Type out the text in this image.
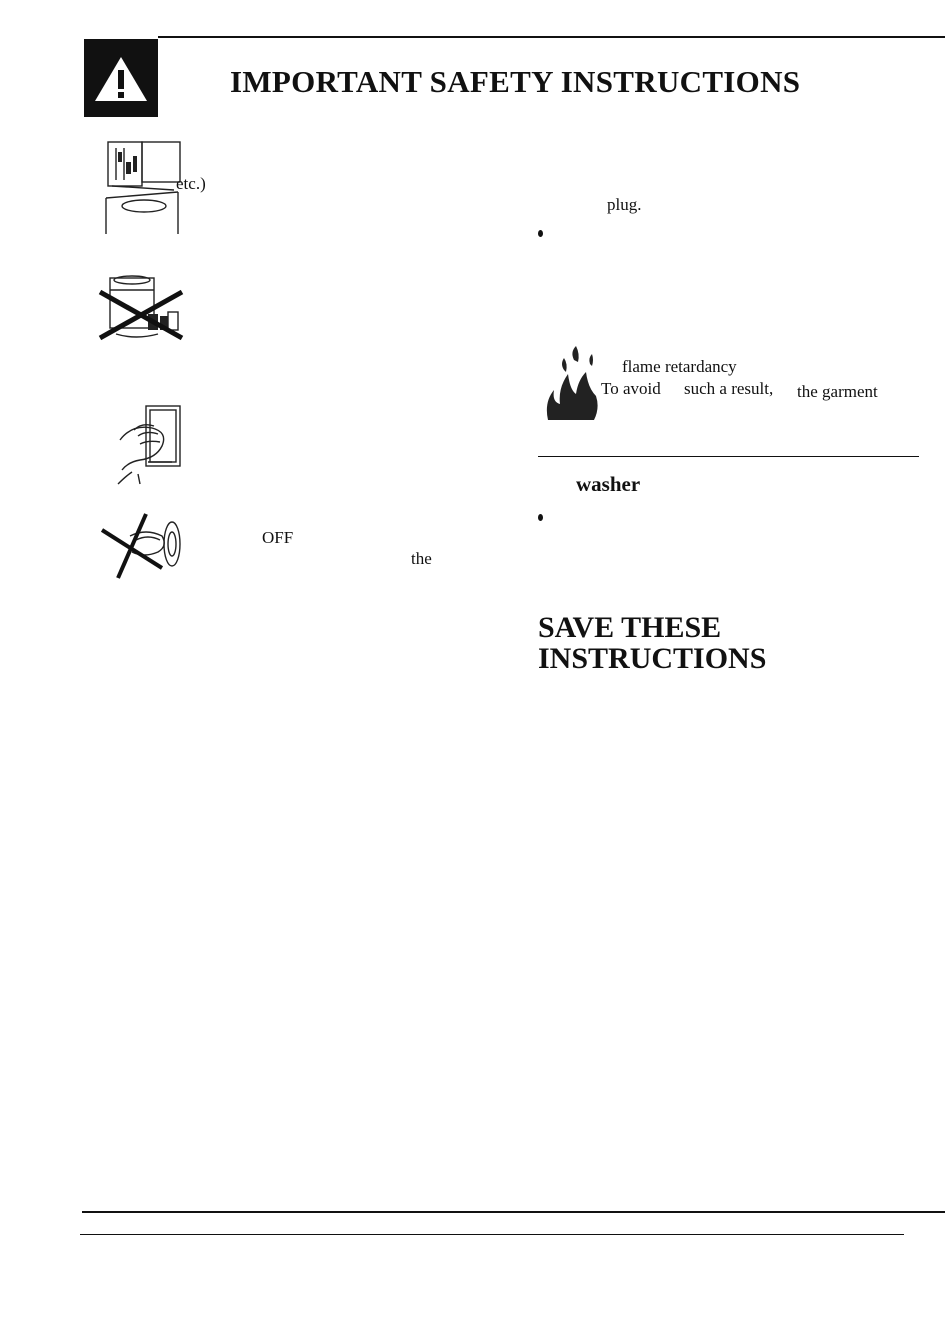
IMPORTANT SAFETY INSTRUCTIONS
etc.)
plug.
flame retardancy
To avoid such a result, the garment
washer
OFF
the
SAVE THESE
INSTRUCTIONS
